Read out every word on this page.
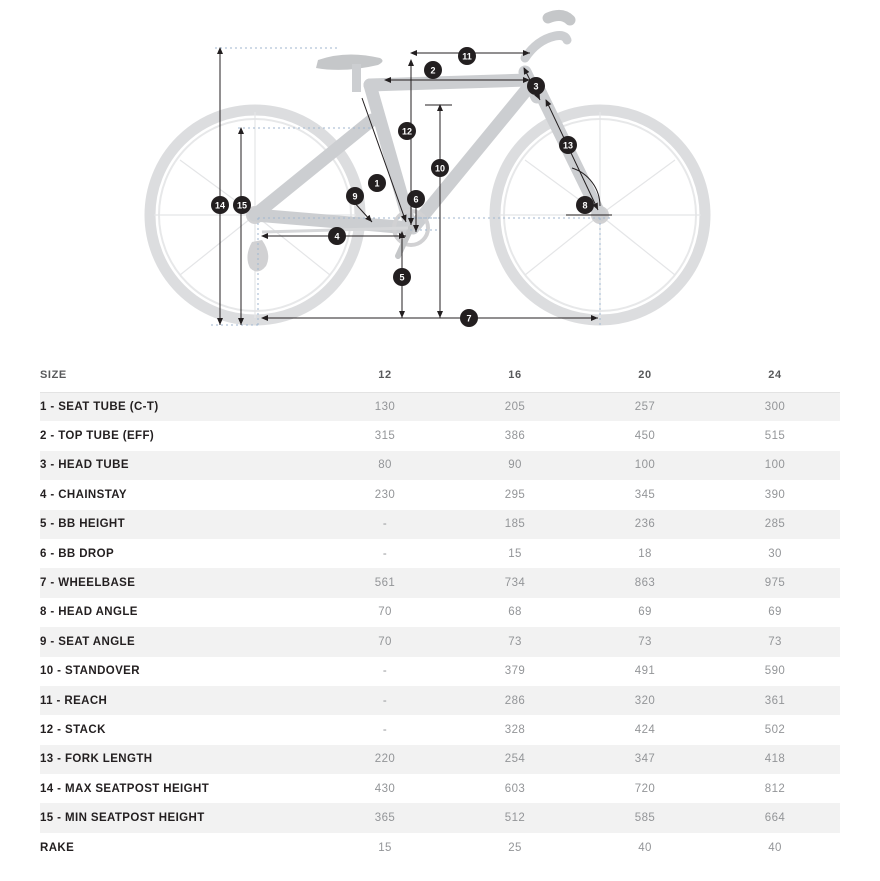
1
2
3
4
5
6
7
8
9
10
11
12
13
14 15
SIZE	12	16	20	24
1 - SEAT TUBE (C-T)	130	205	257	300
2 - TOP TUBE (EFF)	315	386	450	515
3 - HEAD TUBE	80	90	100	100
4 - CHAINSTAY	230	295	345	390
5 - BB HEIGHT	-	185	236	285
6 - BB DROP	-	15	18	30
7 - WHEELBASE	561	734	863	975
8 - HEAD ANGLE	70	68	69	69
9 - SEAT ANGLE	70	73	73	73
10 - STANDOVER	-	379	491	590
11 - REACH	-	286	320	361
12 - STACK	-	328	424	502
13 - FORK LENGTH	220	254	347	418
14 - MAX SEATPOST HEIGHT	430	603	720	812
15 - MIN SEATPOST HEIGHT	365	512	585	664
RAKE	15	25	40	40
